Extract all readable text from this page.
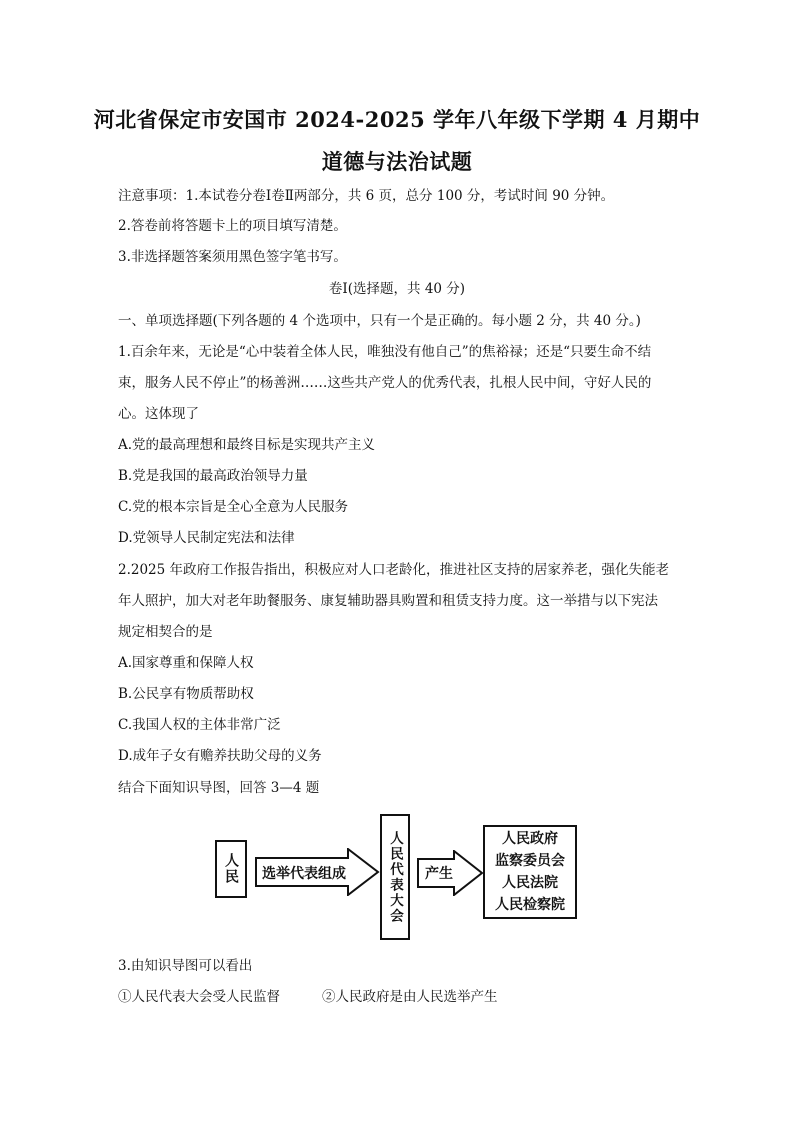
河北省保定市安国市 2024-2025 学年八年级下学期 4 月期中
道德与法治试题
注意事项：1.本试卷分卷Ⅰ卷Ⅱ两部分，共 6 页，总分 100 分，考试时间 90 分钟。
2.答卷前将答题卡上的项目填写清楚。
3.非选择题答案须用黑色签字笔书写。
卷Ⅰ(选择题，共 40 分)
一、单项选择题(下列各题的 4 个选项中，只有一个是正确的。每小题 2 分，共 40 分。)
1.百余年来，无论是“心中装着全体人民，唯独没有他自己”的焦裕禄；还是“只要生命不结
束，服务人民不停止”的杨善洲……这些共产党人的优秀代表，扎根人民中间，守好人民的
心。这体现了
A.党的最高理想和最终目标是实现共产主义
B.党是我国的最高政治领导力量
C.党的根本宗旨是全心全意为人民服务
D.党领导人民制定宪法和法律
2.2025 年政府工作报告指出，积极应对人口老龄化，推进社区支持的居家养老，强化失能老
年人照护，加大对老年助餐服务、康复辅助器具购置和租赁支持力度。这一举措与以下宪法
规定相契合的是
A.国家尊重和保障人权
B.公民享有物质帮助权
C.我国人权的主体非常广泛
D.成年子女有赡养扶助父母的义务
结合下面知识导图，回答 3—4 题
人民	选举代表组成	人民代表大会	产生
人民政府
监察委员会
人民法院
人民检察院
3.由知识导图可以看出
①人民代表大会受人民监督	②人民政府是由人民选举产生
